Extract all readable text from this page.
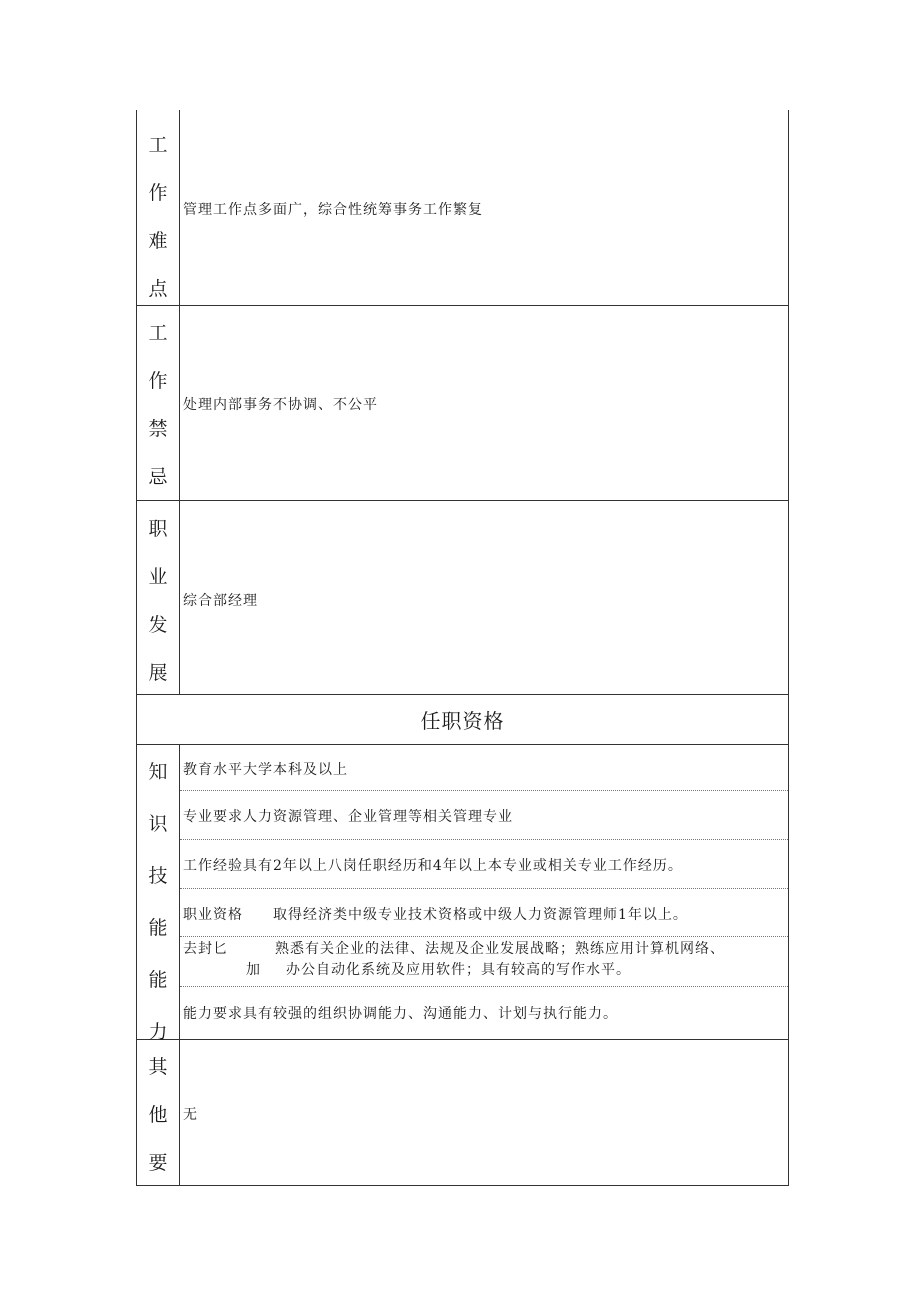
工
作
难
点
管理工作点多面广，综合性统筹事务工作繁复
工
作
禁
忌
处理内部事务不协调、不公平
职
业
发
展
综合部经理
任职资格
知
识
技
能
能
力
教育水平大学本科及以上
专业要求人力资源管理、企业管理等相关管理专业
工作经验具有2年以上八岗任职经历和4年以上本专业或相关专业工作经历。
职业资格　　取得经济类中级专业技术资格或中级人力资源管理师1年以上。
去封匕	熟悉有关企业的法律、法规及企业发展战略；熟练应用计算机网络、
加 办公自动化系统及应用软件；具有较高的写作水平。
能力要求具有较强的组织协调能力、沟通能力、计划与执行能力。
其
他
要
无
